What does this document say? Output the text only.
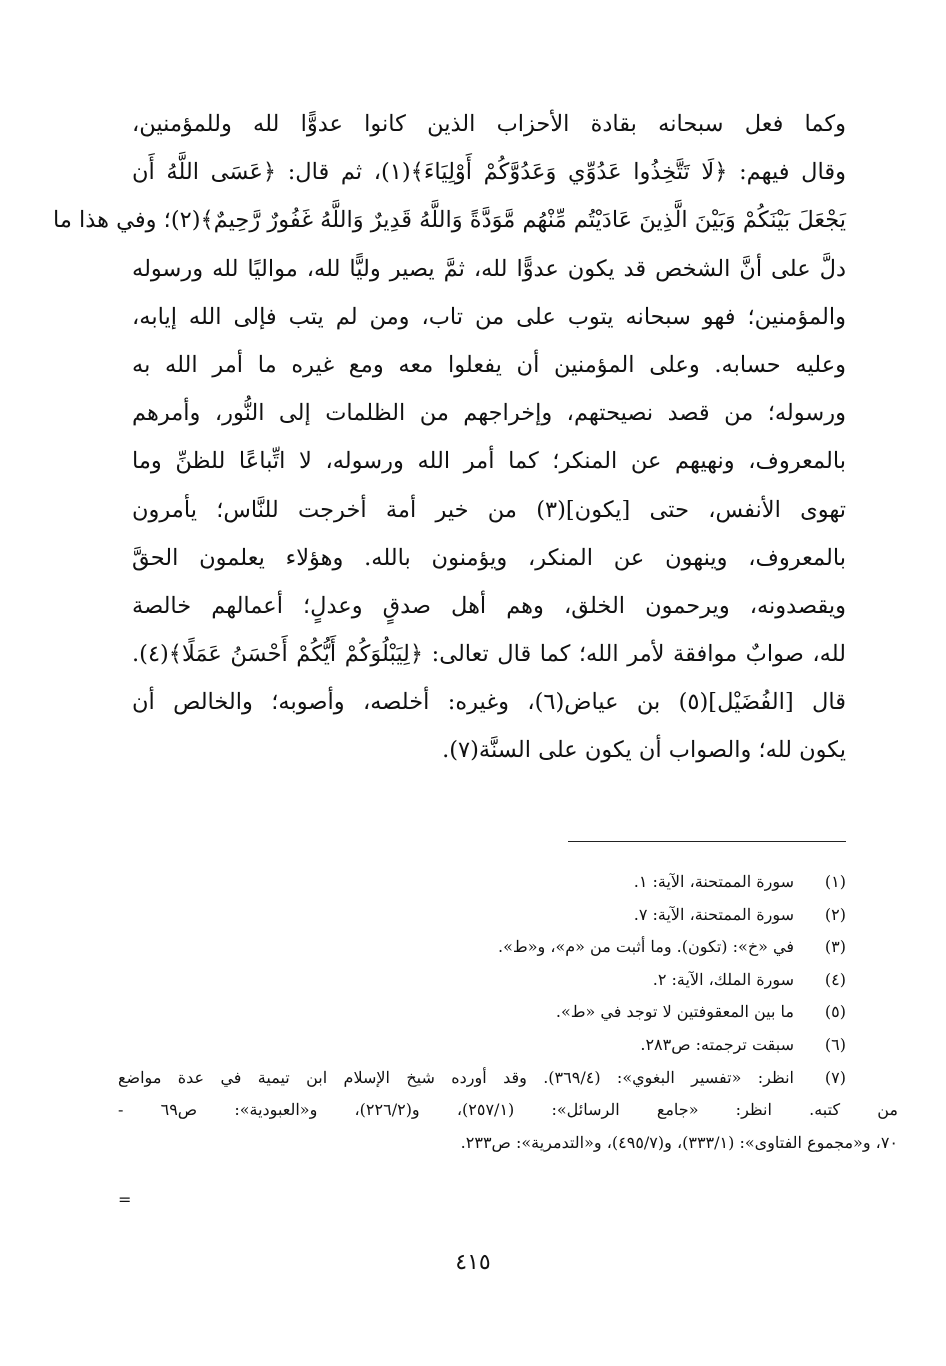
وكما فعل سبحانه بقادة الأحزاب الذين كانوا عدوًّا لله وللمؤمنين،
وقال فيهم: ﴿لَا تَتَّخِذُوا عَدُوِّي وَعَدُوَّكُمْ أَوْلِيَاءَ﴾(١)، ثم قال: ﴿عَسَى اللَّهُ أَن
يَجْعَلَ بَيْنَكُمْ وَبَيْنَ الَّذِينَ عَادَيْتُم مِّنْهُم مَّوَدَّةً وَاللَّهُ قَدِيرٌ وَاللَّهُ غَفُورٌ رَّحِيمٌ﴾(٢)؛ وفي هذا ما
دلَّ على أنَّ الشخص قد يكون عدوًّا لله، ثمَّ يصير وليًّا لله، مواليًا لله ورسوله
والمؤمنين؛ فهو سبحانه يتوب على من تاب، ومن لم يتب فإلى الله إيابه،
وعليه حسابه. وعلى المؤمنين أن يفعلوا معه ومع غيره ما أمر الله به
ورسوله؛ من قصد نصيحتهم، وإخراجهم من الظلمات إلى النُّور، وأمرهم
بالمعروف، ونهيهم عن المنكر؛ كما أمر الله ورسوله، لا اتِّباعًا للظنِّ وما
تهوى الأنفس، حتى [يكون](٣) من خير أمة أخرجت للنَّاس؛ يأمرون
بالمعروف، وينهون عن المنكر، ويؤمنون بالله. وهؤلاء يعلمون الحقَّ
ويقصدونه، ويرحمون الخلق، وهم أهل صدقٍ وعدلٍ؛ أعمالهم خالصة
لله، صوابٌ موافقة لأمر الله؛ كما قال تعالى: ﴿لِيَبْلُوَكُمْ أَيُّكُمْ أَحْسَنُ عَمَلًا﴾(٤).
قال [الفُضَيْل](٥) بن عياض(٦)، وغيره: أخلصه، وأصوبه؛ والخالص أن
يكون لله؛ والصواب أن يكون على السنَّة(٧).
(١)
سورة الممتحنة، الآية: ١.
(٢)
سورة الممتحنة، الآية: ٧.
(٣)
في «خ»: (تكون). وما أثبت من «م»، و«ط».
(٤)
سورة الملك، الآية: ٢.
(٥)
ما بين المعقوفتين لا توجد في «ط».
(٦)
سبقت ترجمته: ص٢٨٣.
(٧)
انظر: «تفسير البغوي»: (٣٦٩/٤). وقد أورده شيخ الإسلام ابن تيمية في عدة مواضع
من كتبه. انظر: «جامع الرسائل»: (٢٥٧/١)، و(٢٢٦/٢)، و«العبودية»: ص٦٩ -
٧٠، و«مجموع الفتاوى»: (٣٣٣/١)، و(٤٩٥/٧)، و«التدمرية»: ص٢٣٣.
=
٤١٥
